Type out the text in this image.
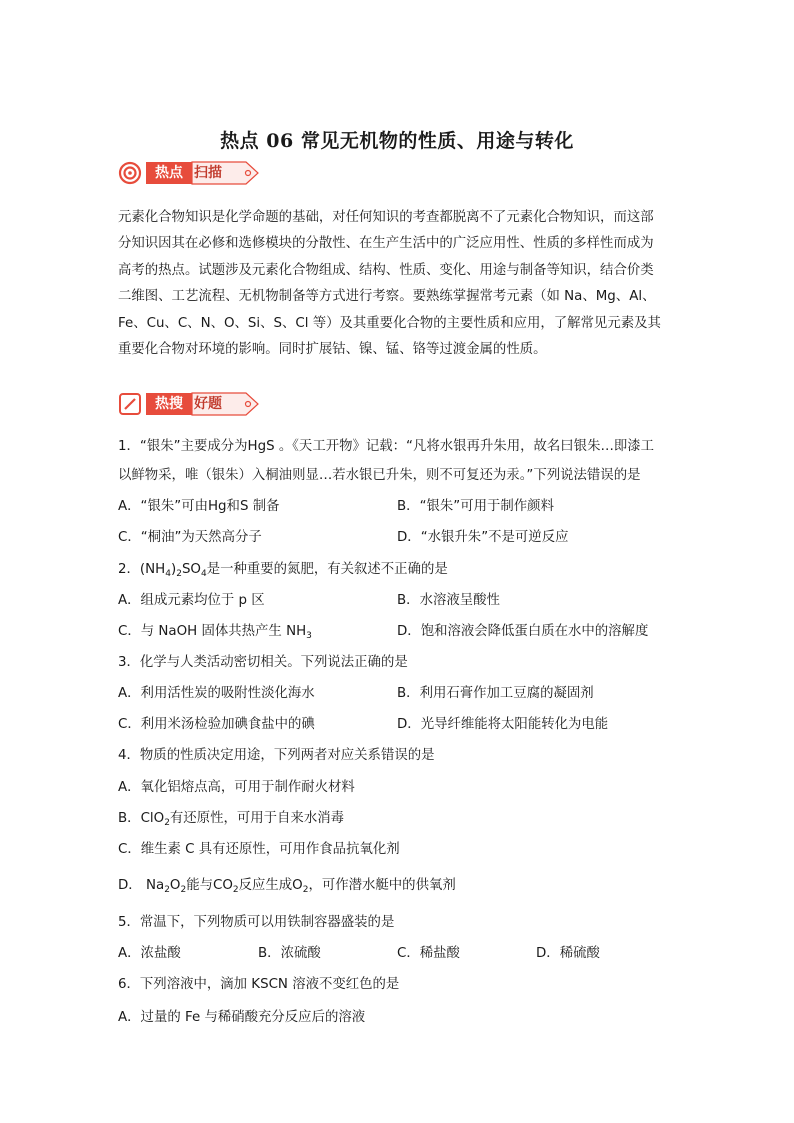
热点 06 常见无机物的性质、用途与转化
热点 扫描

元素化合物知识是化学命题的基础，对任何知识的考查都脱离不了元素化合物知识，而这部

分知识因其在必修和选修模块的分散性、在生产生活中的广泛应用性、性质的多样性而成为

高考的热点。试题涉及元素化合物组成、结构、性质、变化、用途与制备等知识，结合价类

二维图、工艺流程、无机物制备等方式进行考察。要熟练掌握常考元素（如 Na、Mg、Al、

Fe、Cu、C、N、O、Si、S、Cl 等）及其重要化合物的主要性质和应用，了解常见元素及其

重要化合物对环境的影响。同时扩展钴、镍、锰、铬等过渡金属的性质。

热搜 好题
1．“银朱”主要成分为HgS 。《天工开物》记载：“凡将水银再升朱用，故名曰银朱…即漆工
以鲜物采，唯（银朱）入桐油则显…若水银已升朱，则不可复还为汞。”下列说法错误的是
A．“银朱”可由Hg和S 制备	B．“银朱”可用于制作颜料
C．“桐油”为天然高分子	D．“水银升朱”不是可逆反应
2．$(NH_4)_2SO_4$是一种重要的氮肥，有关叙述不正确的是
A．组成元素均位于 p 区	B．水溶液呈酸性
C．与 NaOH 固体共热产生 $NH_3$	D．饱和溶液会降低蛋白质在水中的溶解度
3．化学与人类活动密切相关。下列说法正确的是
A．利用活性炭的吸附性淡化海水	B．利用石膏作加工豆腐的凝固剂
C．利用米汤检验加碘食盐中的碘	D．光导纤维能将太阳能转化为电能
4．物质的性质决定用途，下列两者对应关系错误的是
A．氧化铝熔点高，可用于制作耐火材料
B．ClO$_2$有还原性，可用于自来水消毒
C．维生素 C 具有还原性，可用作食品抗氧化剂
D． $Na_2O_2$能与$CO_2$反应生成$O_2$，可作潜水艇中的供氧剂
5．常温下，下列物质可以用铁制容器盛装的是
A．浓盐酸	B．浓硫酸	C．稀盐酸	D．稀硫酸
6．下列溶液中，滴加 KSCN 溶液不变红色的是
A．过量的 Fe 与稀硝酸充分反应后的溶液
